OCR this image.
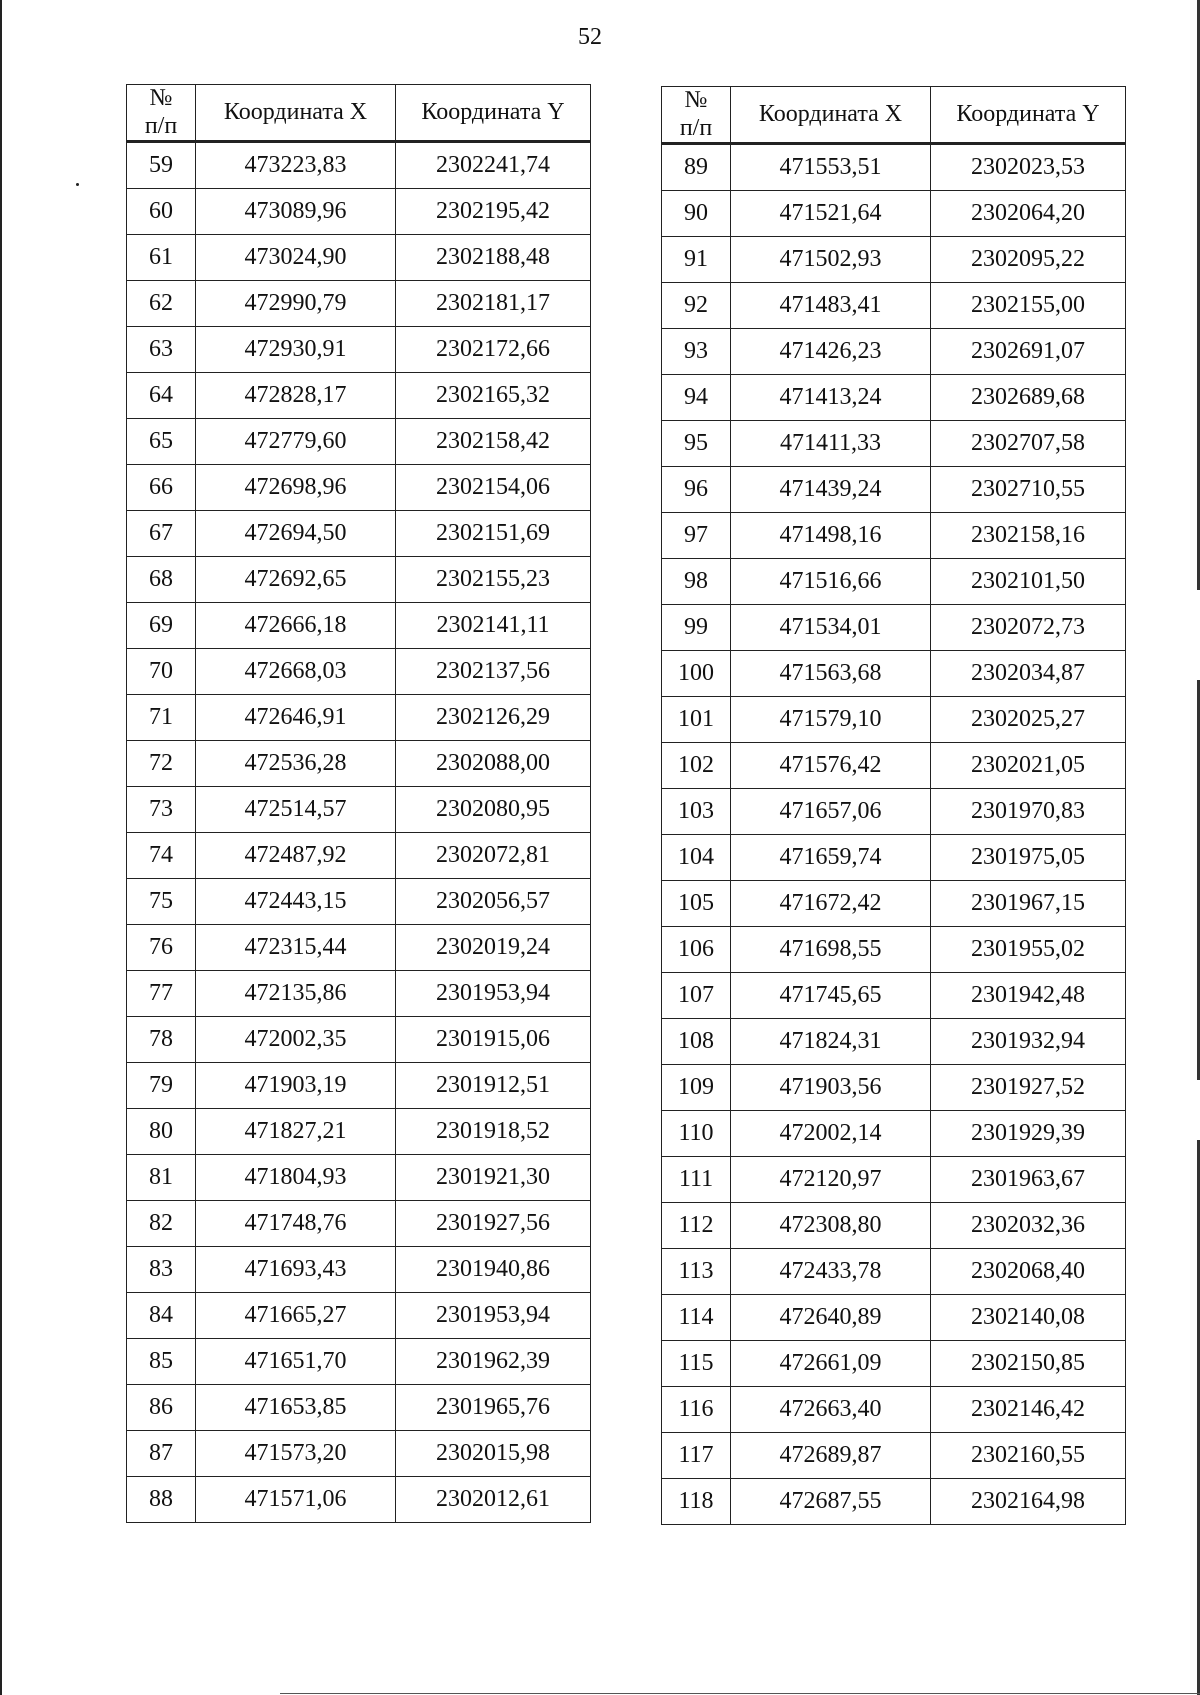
52
№
п/п	Координата X	Координата Y
59	473223,83	2302241,74
60	473089,96	2302195,42
61	473024,90	2302188,48
62	472990,79	2302181,17
63	472930,91	2302172,66
64	472828,17	2302165,32
65	472779,60	2302158,42
66	472698,96	2302154,06
67	472694,50	2302151,69
68	472692,65	2302155,23
69	472666,18	2302141,11
70	472668,03	2302137,56
71	472646,91	2302126,29
72	472536,28	2302088,00
73	472514,57	2302080,95
74	472487,92	2302072,81
75	472443,15	2302056,57
76	472315,44	2302019,24
77	472135,86	2301953,94
78	472002,35	2301915,06
79	471903,19	2301912,51
80	471827,21	2301918,52
81	471804,93	2301921,30
82	471748,76	2301927,56
83	471693,43	2301940,86
84	471665,27	2301953,94
85	471651,70	2301962,39
86	471653,85	2301965,76
87	471573,20	2302015,98
88	471571,06	2302012,61
№
п/п	Координата X	Координата Y
89	471553,51	2302023,53
90	471521,64	2302064,20
91	471502,93	2302095,22
92	471483,41	2302155,00
93	471426,23	2302691,07
94	471413,24	2302689,68
95	471411,33	2302707,58
96	471439,24	2302710,55
97	471498,16	2302158,16
98	471516,66	2302101,50
99	471534,01	2302072,73
100	471563,68	2302034,87
101	471579,10	2302025,27
102	471576,42	2302021,05
103	471657,06	2301970,83
104	471659,74	2301975,05
105	471672,42	2301967,15
106	471698,55	2301955,02
107	471745,65	2301942,48
108	471824,31	2301932,94
109	471903,56	2301927,52
110	472002,14	2301929,39
111	472120,97	2301963,67
112	472308,80	2302032,36
113	472433,78	2302068,40
114	472640,89	2302140,08
115	472661,09	2302150,85
116	472663,40	2302146,42
117	472689,87	2302160,55
118	472687,55	2302164,98
